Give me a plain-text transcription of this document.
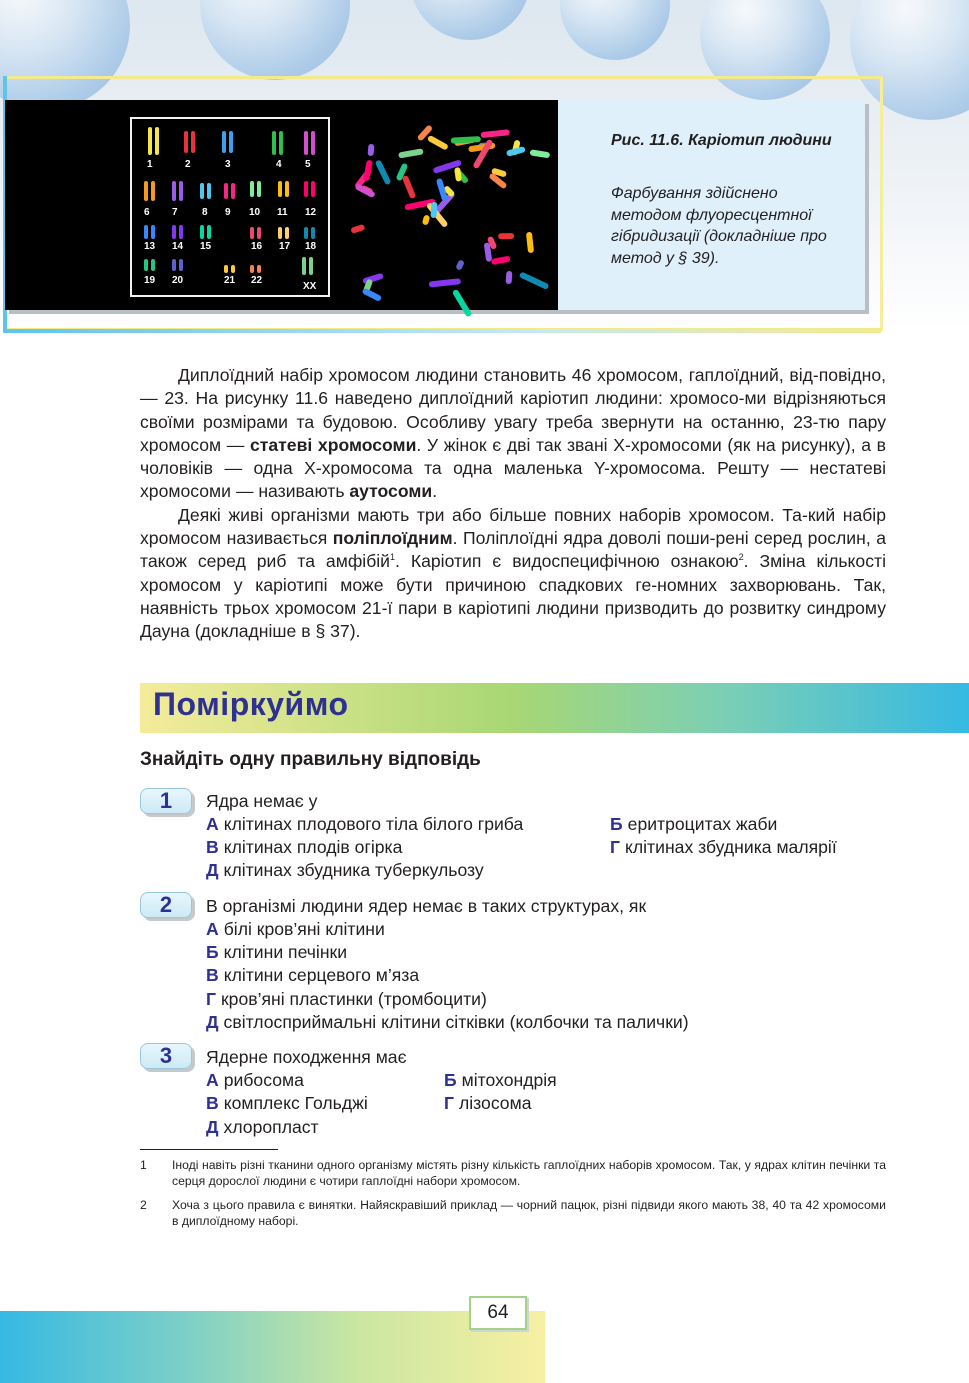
1	2	3	4 5
6 7 8 9 10 11 12
13 14 15	16 17 18
19 20	21 22
XX
Рис. 11.6. Каріотип людини
Фарбування здійснено методом флуоресцентної гібридизації (докладніше про метод у § 39).

Диплоїдний набір хромосом людини становить 46 хромосом, гаплоїдний, від-повідно, — 23. На рисунку 11.6 наведено диплоїдний каріотип людини: хромосо-ми відрізняються своїми розмірами та будовою. Особливу увагу треба звернути на останню, 23-тю пару хромосом — статеві хромосоми. У жінок є дві так звані X-хромосоми (як на рисунку), а в чоловіків — одна X-хромосома та одна маленька Y-хромосома. Решту — нестатеві хромосоми — називають аутосоми.

Деякі живі організми мають три або більше повних наборів хромосом. Та-кий набір хромосом називається поліплоїдним. Поліплоїдні ядра доволі поши-рені серед рослин, а також серед риб та амфібій$^1$. Каріотип є видоспецифічною ознакою$^2$. Зміна кількості хромосом у каріотипі може бути причиною спадкових ге-номних захворювань. Так, наявність трьох хромосом 21-ї пари в каріотипі людини призводить до розвитку синдрому Дауна (докладніше в § 37).

Поміркуймо
Знайдіть одну правильну відповідь
1	Ядра немає у
А клітинах плодового тіла білого гриба	Б еритроцитах жаби
В клітинах плодів огірка	Г клітинах збудника малярії
Д клітинах збудника туберкульозу
2	В організмі людини ядер немає в таких структурах, як
А білі кров’яні клітини
Б клітини печінки
В клітини серцевого м’яза
Г кров’яні пластинки (тромбоцити)
Д світлосприймальні клітини сітківки (колбочки та палички)
3	Ядерне походження має
А рибосома	Б мітохондрія
В комплекс Гольджі	Г лізосома
Д хлоропласт
1 Іноді навіть різні тканини одного організму містять різну кількість гаплоїдних наборів хромосом. Так, у ядрах клітин печінки та серця дорослої людини є чотири гаплоїдні набори хромосом.
2 Хоча з цього правила є винятки. Найяскравіший приклад — чорний пацюк, різні підвиди якого мають 38, 40 та 42 хромосоми в диплоїдному наборі.
64
